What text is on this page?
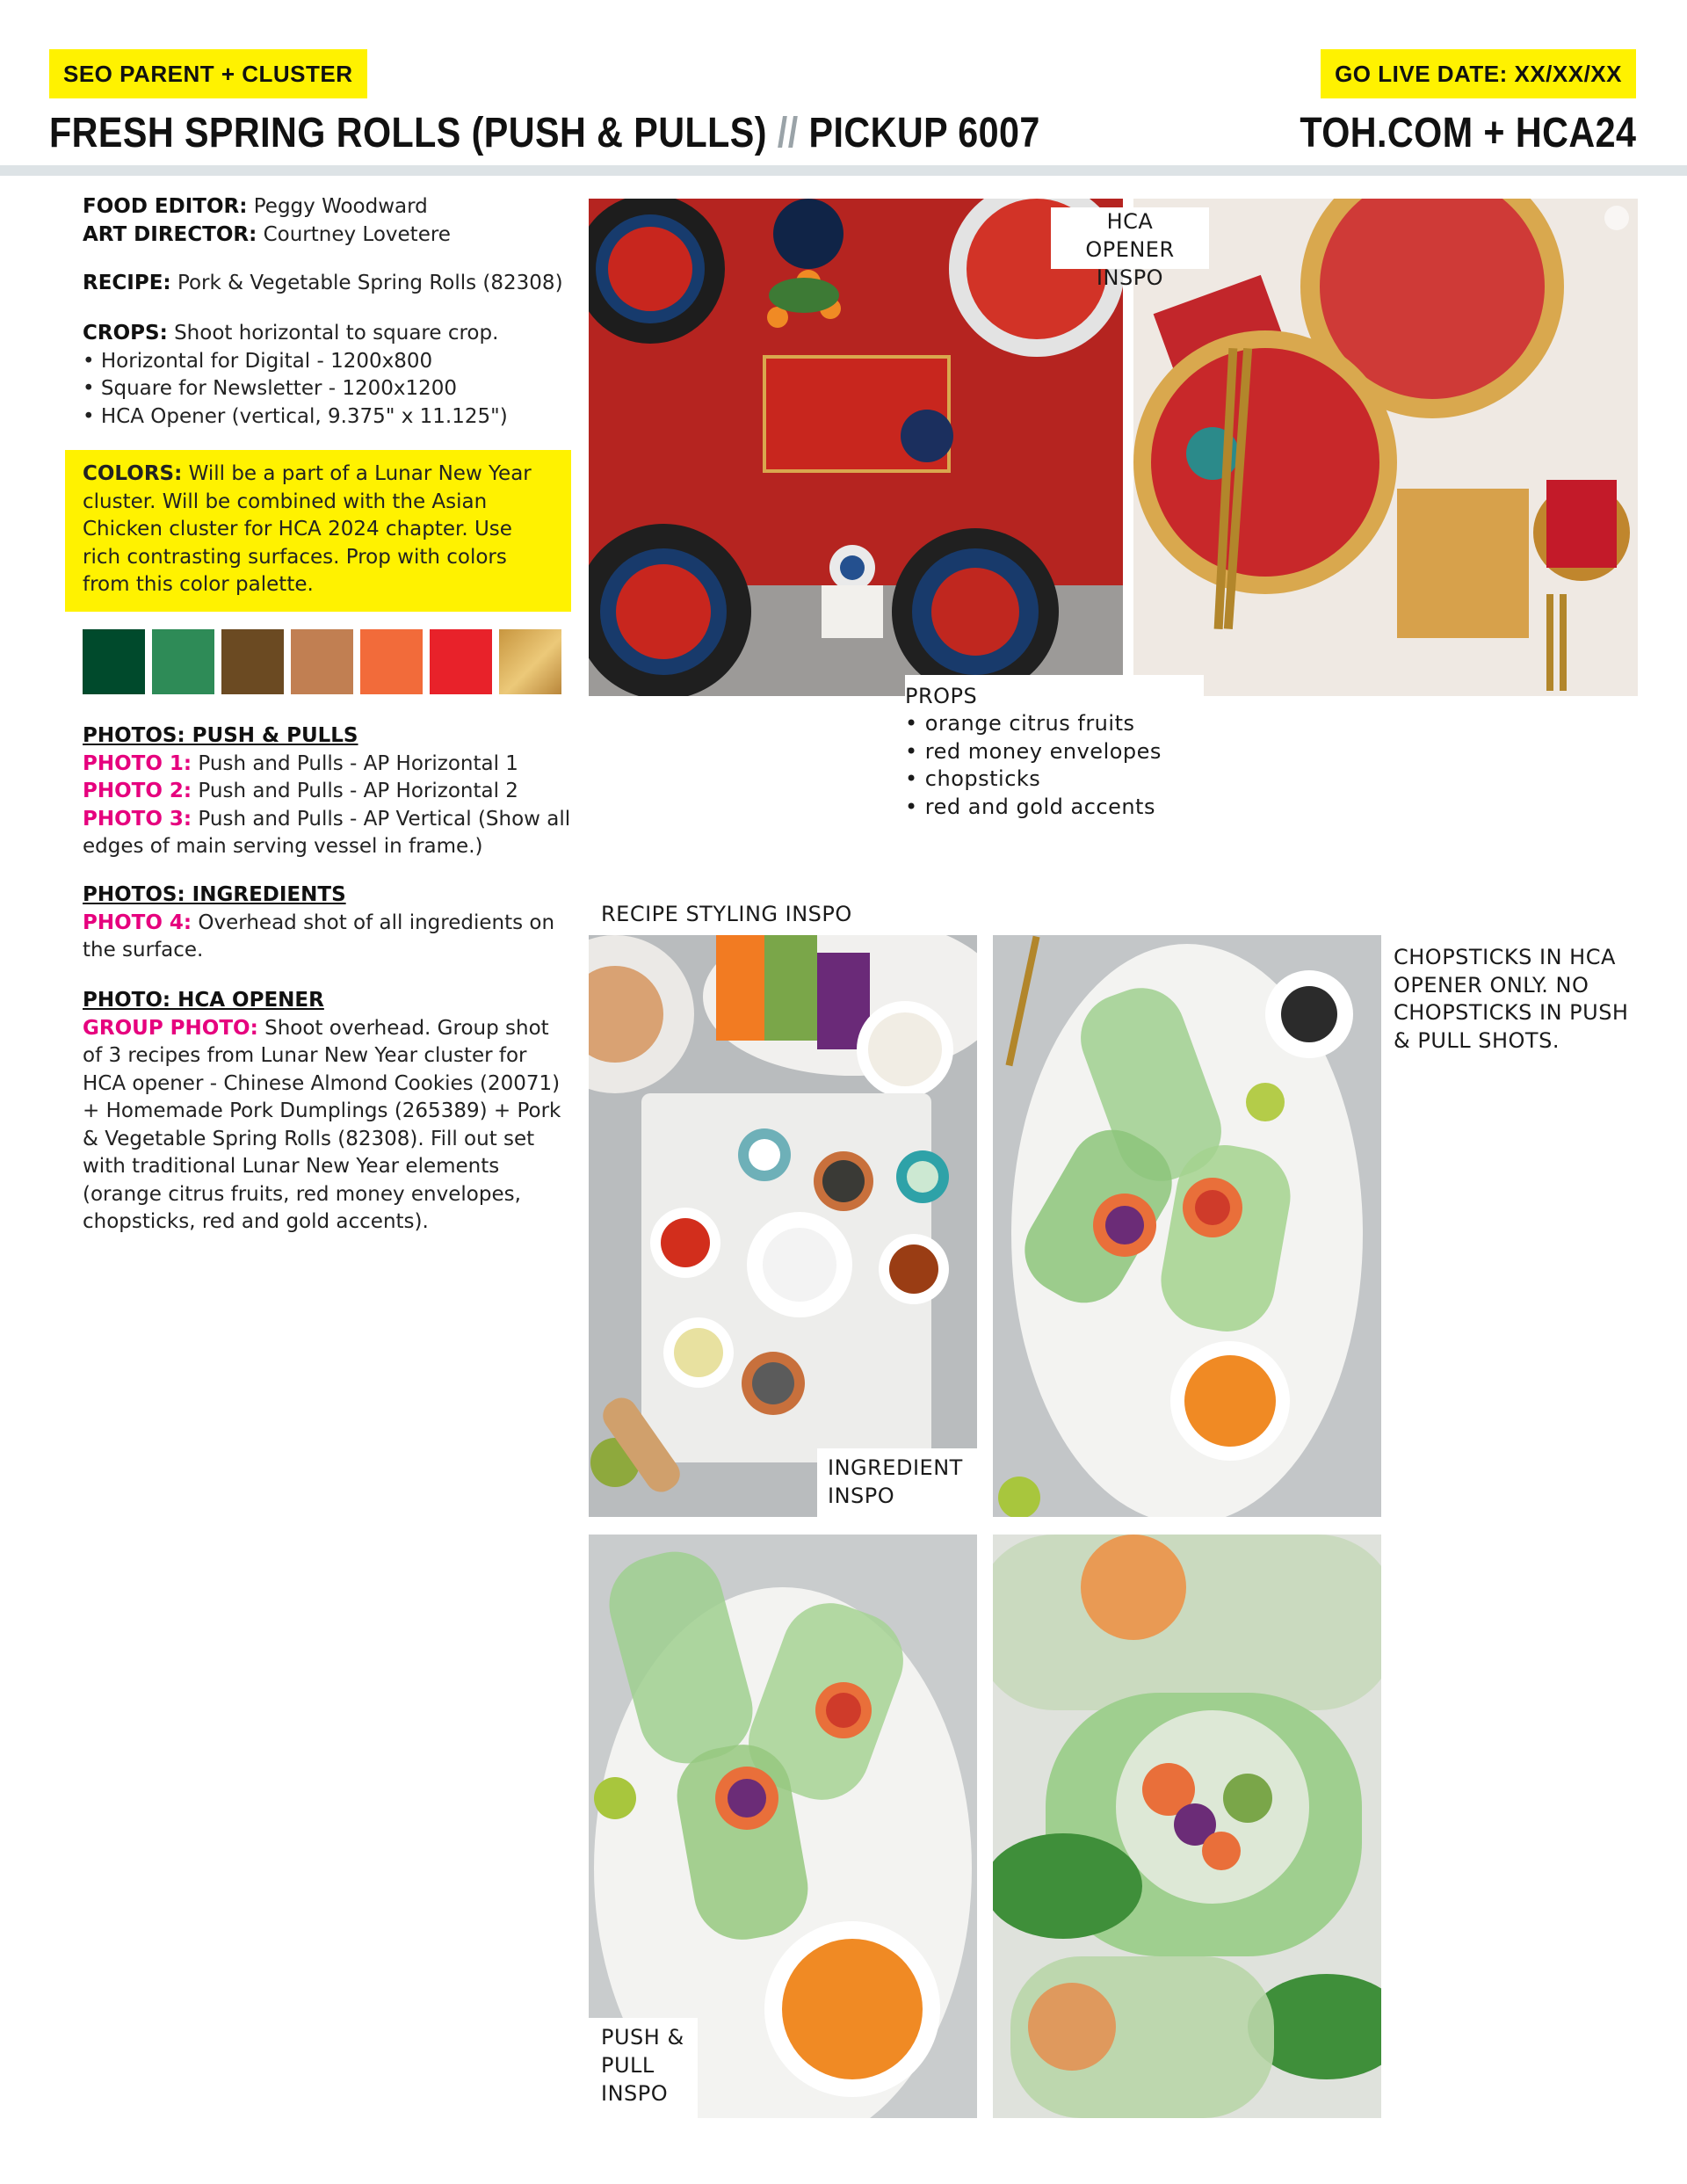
SEO PARENT + CLUSTER	GO LIVE DATE: XX/XX/XX
FRESH SPRING ROLLS (PUSH & PULLS) // PICKUP 6007	TOH.COM + HCA24
FOOD EDITOR: Peggy Woodward
ART DIRECTOR: Courtney Lovetere
RECIPE: Pork & Vegetable Spring Rolls (82308)
CROPS: Shoot horizontal to square crop.
• Horizontal for Digital - 1200x800
• Square for Newsletter - 1200x1200
• HCA Opener (vertical, 9.375" x 11.125")
COLORS: Will be a part of a Lunar New Year cluster. Will be combined with the Asian Chicken cluster for HCA 2024 chapter. Use rich contrasting surfaces. Prop with colors from this color palette.
PHOTOS: PUSH & PULLS
PHOTO 1: Push and Pulls - AP Horizontal 1
PHOTO 2: Push and Pulls - AP Horizontal 2
PHOTO 3: Push and Pulls - AP Vertical (Show all edges of main serving vessel in frame.)
PHOTOS: INGREDIENTS
PHOTO 4: Overhead shot of all ingredients on the surface.
PHOTO: HCA OPENER
GROUP PHOTO: Shoot overhead. Group shot of 3 recipes from Lunar New Year cluster for HCA opener - Chinese Almond Cookies (20071) + Homemade Pork Dumplings (265389) + Pork & Vegetable Spring Rolls (82308). Fill out set with traditional Lunar New Year elements (orange citrus fruits, red money envelopes, chopsticks, red and gold accents).
HCA OPENER INSPO
PROPS
• orange citrus fruits
• red money envelopes
• chopsticks
• red and gold accents
RECIPE STYLING INSPO
INGREDIENT INSPO
CHOPSTICKS IN HCA OPENER ONLY. NO CHOPSTICKS IN PUSH & PULL SHOTS.
PUSH & PULL INSPO
